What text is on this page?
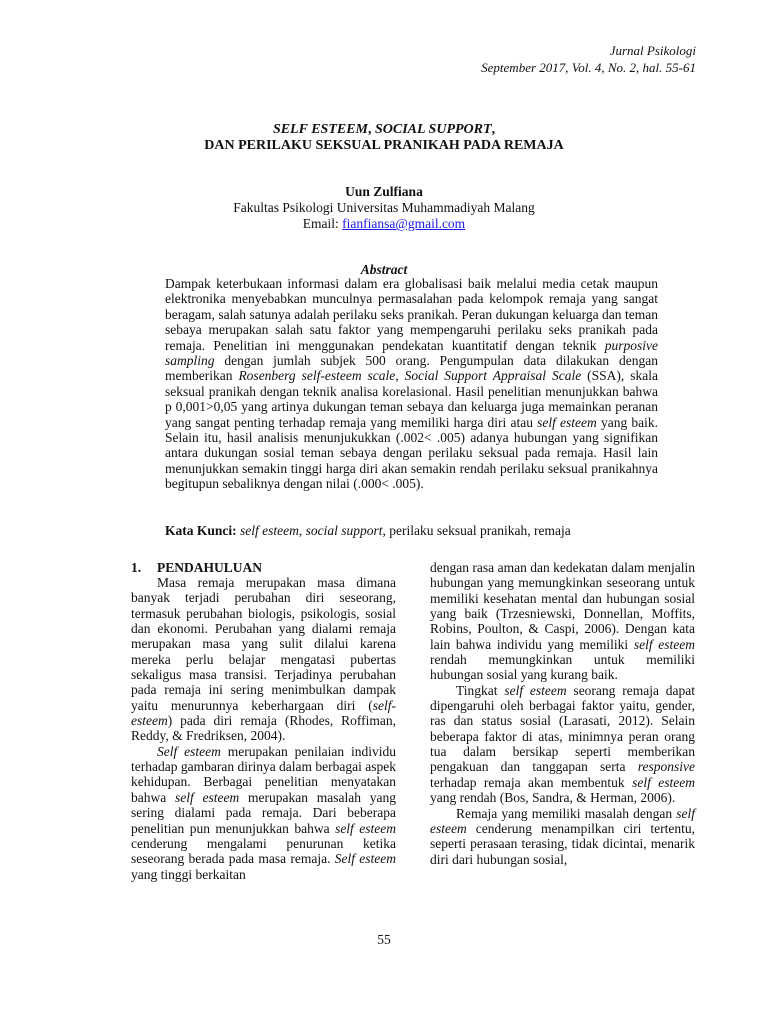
Jurnal Psikologi
September 2017, Vol. 4, No. 2, hal. 55-61
SELF ESTEEM, SOCIAL SUPPORT,
DAN PERILAKU SEKSUAL PRANIKAH PADA REMAJA
Uun Zulfiana
Fakultas Psikologi Universitas Muhammadiyah Malang
Email: fianfiansa@gmail.com
Abstract
Dampak keterbukaan informasi dalam era globalisasi baik melalui media cetak maupun elektronika menyebabkan munculnya permasalahan pada kelompok remaja yang sangat beragam, salah satunya adalah perilaku seks pranikah. Peran dukungan keluarga dan teman sebaya merupakan salah satu faktor yang mempengaruhi perilaku seks pranikah pada remaja. Penelitian ini menggunakan pendekatan kuantitatif dengan teknik purposive sampling dengan jumlah subjek 500 orang. Pengumpulan data dilakukan dengan memberikan Rosenberg self-esteem scale, Social Support Appraisal Scale (SSA), skala seksual pranikah dengan teknik analisa korelasional. Hasil penelitian menunjukkan bahwa p 0,001>0,05 yang artinya dukungan teman sebaya dan keluarga juga memainkan peranan yang sangat penting terhadap remaja yang memiliki harga diri atau self esteem yang baik. Selain itu, hasil analisis menunjukukkan (.002< .005) adanya hubungan yang signifikan antara dukungan sosial teman sebaya dengan perilaku seksual pada remaja. Hasil lain menunjukkan semakin tinggi harga diri akan semakin rendah perilaku seksual pranikahnya begitupun sebaliknya dengan nilai (.000< .005).
Kata Kunci: self esteem, social support, perilaku seksual pranikah, remaja
1. PENDAHULUAN

Masa remaja merupakan masa dimana banyak terjadi perubahan diri seseorang, termasuk perubahan biologis, psikologis, sosial dan ekonomi. Perubahan yang dialami remaja merupakan masa yang sulit dilalui karena mereka perlu belajar mengatasi pubertas sekaligus masa transisi. Terjadinya perubahan pada remaja ini sering menimbulkan dampak yaitu menurunnya keberhargaan diri (self-esteem) pada diri remaja (Rhodes, Roffiman, Reddy, & Fredriksen, 2004).

Self esteem merupakan penilaian individu terhadap gambaran dirinya dalam berbagai aspek kehidupan. Berbagai penelitian menyatakan bahwa self esteem merupakan masalah yang sering dialami pada remaja. Dari beberapa penelitian pun menunjukkan bahwa self esteem cenderung mengalami penurunan ketika seseorang berada pada masa remaja. Self esteem yang tinggi berkaitan

dengan rasa aman dan kedekatan dalam menjalin hubungan yang memungkinkan seseorang untuk memiliki kesehatan mental dan hubungan sosial yang baik (Trzesniewski, Donnellan, Moffits, Robins, Poulton, & Caspi, 2006). Dengan kata lain bahwa individu yang memiliki self esteem rendah memungkinkan untuk memiliki hubungan sosial yang kurang baik.

Tingkat self esteem seorang remaja dapat dipengaruhi oleh berbagai faktor yaitu, gender, ras dan status sosial (Larasati, 2012). Selain beberapa faktor di atas, minimnya peran orang tua dalam bersikap seperti memberikan pengakuan dan tanggapan serta responsive terhadap remaja akan membentuk self esteem yang rendah (Bos, Sandra, & Herman, 2006).

Remaja yang memiliki masalah dengan self esteem cenderung menampilkan ciri tertentu, seperti perasaan terasing, tidak dicintai, menarik diri dari hubungan sosial,

55
